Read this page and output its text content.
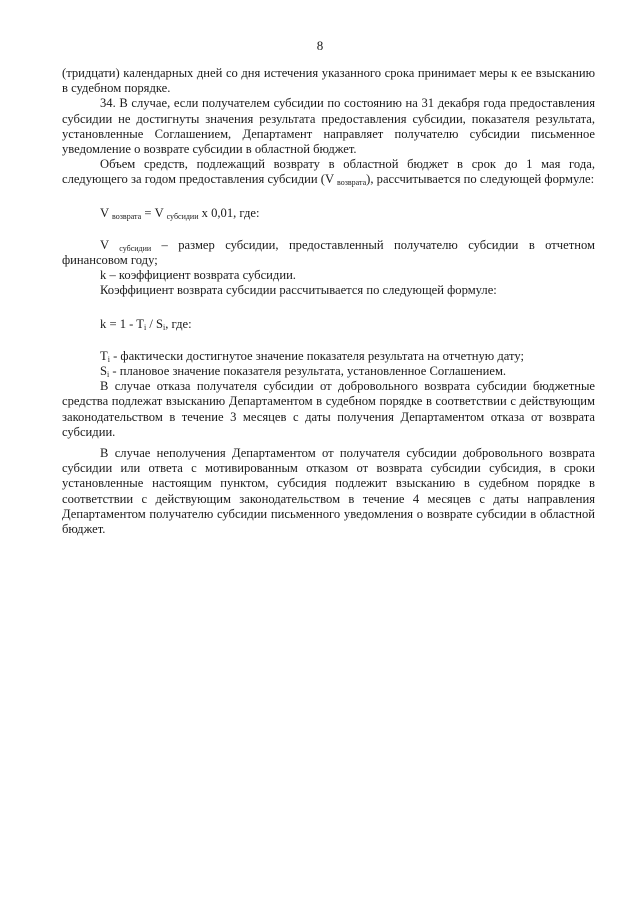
8

(тридцати) календарных дней со дня истечения указанного срока принимает меры к ее взысканию в судебном порядке.

34. В случае, если получателем субсидии по состоянию на 31 декабря года предоставления субсидии не достигнуты значения результата предоставления субсидии, показателя результата, установленные Соглашением, Департамент направляет получателю субсидии письменное уведомление о возврате субсидии в областной бюджет.

Объем средств, подлежащий возврату в областной бюджет в срок до 1 мая года, следующего за годом предоставления субсидии (V $_{возврата}$), рассчитывается по следующей формуле:

V $_{возврата}$ = V $_{субсидии}$ x 0,01, где:

V $_{субсидии}$ – размер субсидии, предоставленный получателю субсидии в отчетном финансовом году;

k – коэффициент возврата субсидии.

Коэффициент возврата субсидии рассчитывается по следующей формуле:

$k = 1 - T_i / S_i$, где:

$T_i$ - фактически достигнутое значение показателя результата на отчетную дату;

$S_i$ - плановое значение показателя результата, установленное Соглашением.

В случае отказа получателя субсидии от добровольного возврата субсидии бюджетные средства подлежат взысканию Департаментом в судебном порядке в соответствии с действующим законодательством в течение 3 месяцев с даты получения Департаментом отказа от возврата субсидии.

В случае неполучения Департаментом от получателя субсидии добровольного возврата субсидии или ответа с мотивированным отказом от возврата субсидии субсидия, в сроки установленные настоящим пунктом, субсидия подлежит взысканию в судебном порядке в соответствии с действующим законодательством в течение 4 месяцев с даты направления Департаментом получателю субсидии письменного уведомления о возврате субсидии в областной бюджет.
